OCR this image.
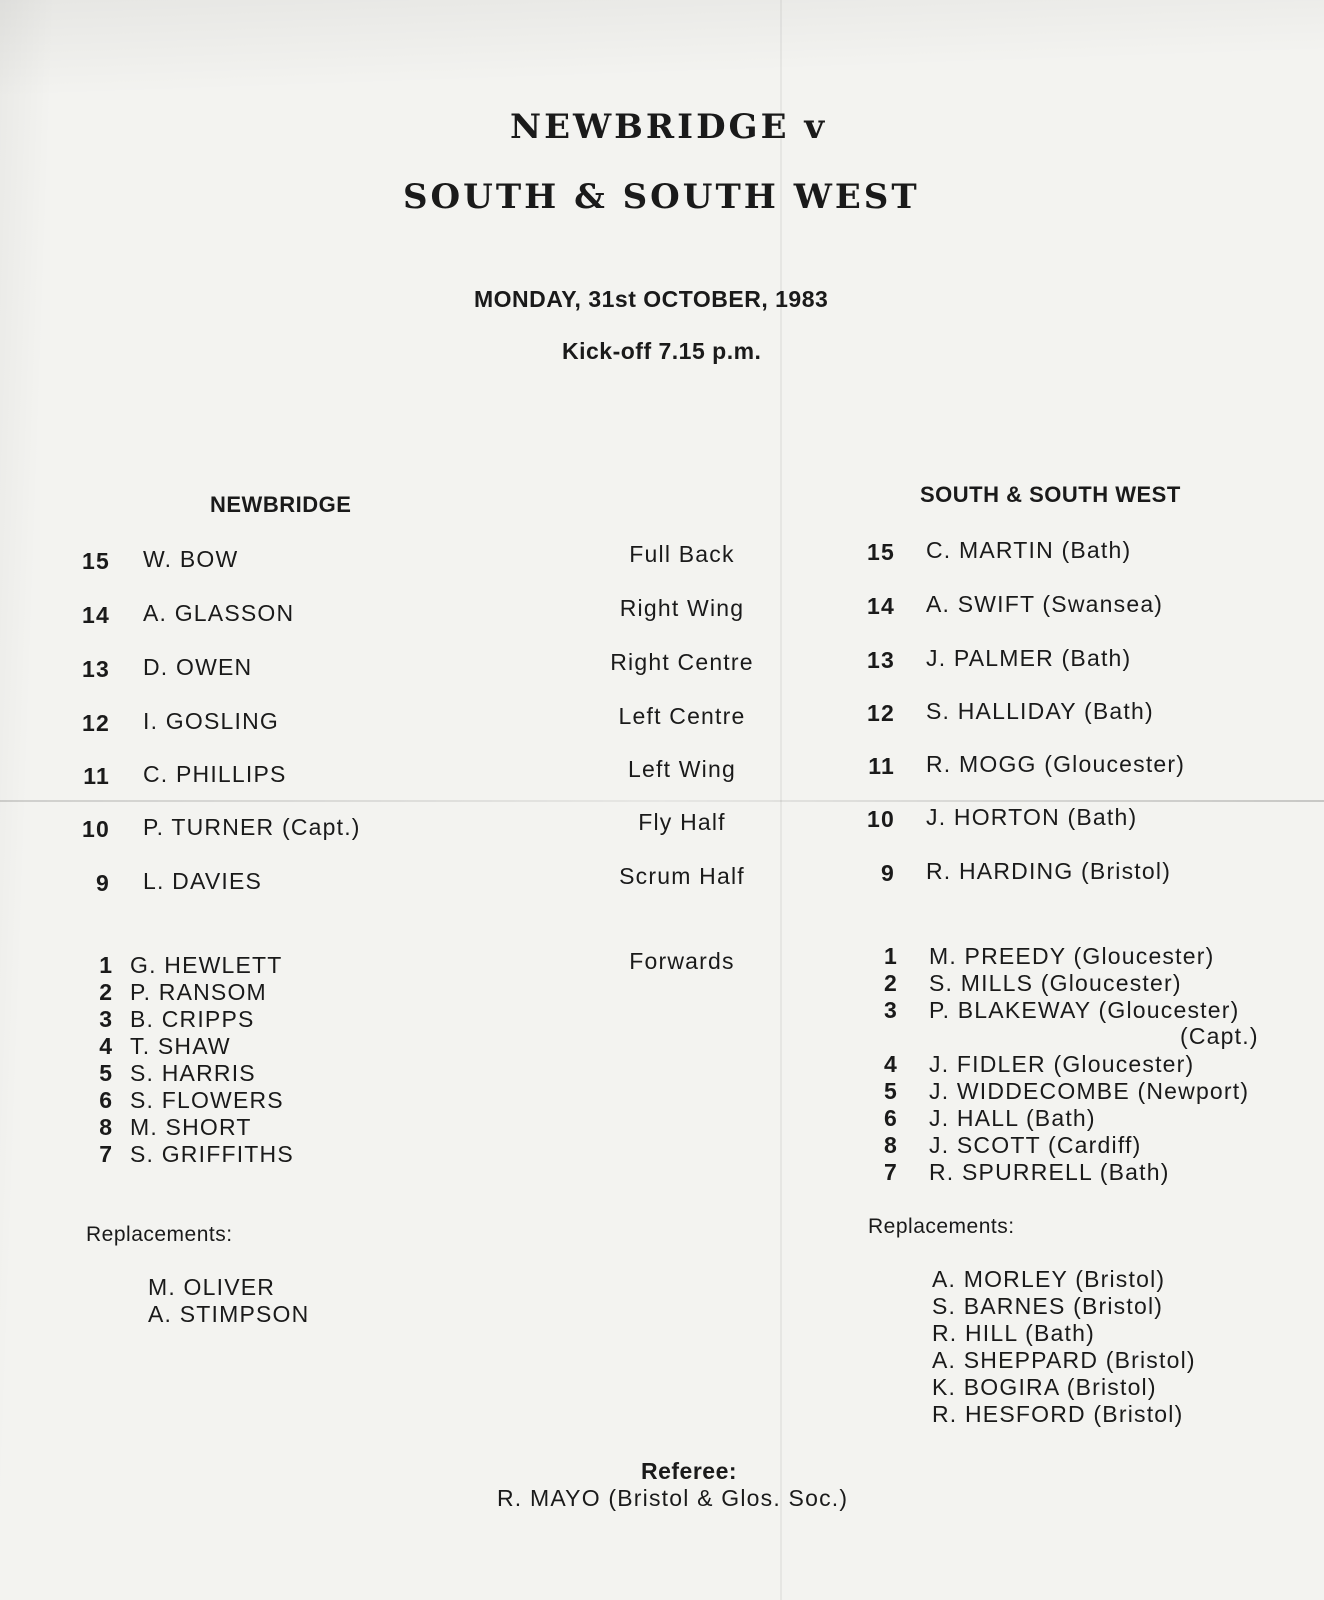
NEWBRIDGE v
SOUTH & SOUTH WEST
MONDAY, 31st OCTOBER, 1983
Kick-off 7.15 p.m.
NEWBRIDGE	SOUTH & SOUTH WEST
15 W. BOW
14 A. GLASSON
13 D. OWEN
12 I. GOSLING
11 C. PHILLIPS
10 P. TURNER (Capt.)
9 L. DAVIES
Full Back
Right Wing
Right Centre
Left Centre
Left Wing
Fly Half
Scrum Half
Forwards
15 C. MARTIN (Bath)
14 A. SWIFT (Swansea)
13 J. PALMER (Bath)
12 S. HALLIDAY (Bath)
11 R. MOGG (Gloucester)
10 J. HORTON (Bath)
9 R. HARDING (Bristol)
1 G. HEWLETT
2 P. RANSOM
3 B. CRIPPS
4 T. SHAW
5 S. HARRIS
6 S. FLOWERS
8 M. SHORT
7 S. GRIFFITHS
1 M. PREEDY (Gloucester)
2 S. MILLS (Gloucester)
3 P. BLAKEWAY (Gloucester)
(Capt.)
4 J. FIDLER (Gloucester)
5 J. WIDDECOMBE (Newport)
6 J. HALL (Bath)
8 J. SCOTT (Cardiff)
7 R. SPURRELL (Bath)
Replacements:
M. OLIVER
A. STIMPSON
Replacements:
A. MORLEY (Bristol)
S. BARNES (Bristol)
R. HILL (Bath)
A. SHEPPARD (Bristol)
K. BOGIRA (Bristol)
R. HESFORD (Bristol)
Referee:
R. MAYO (Bristol & Glos. Soc.)
